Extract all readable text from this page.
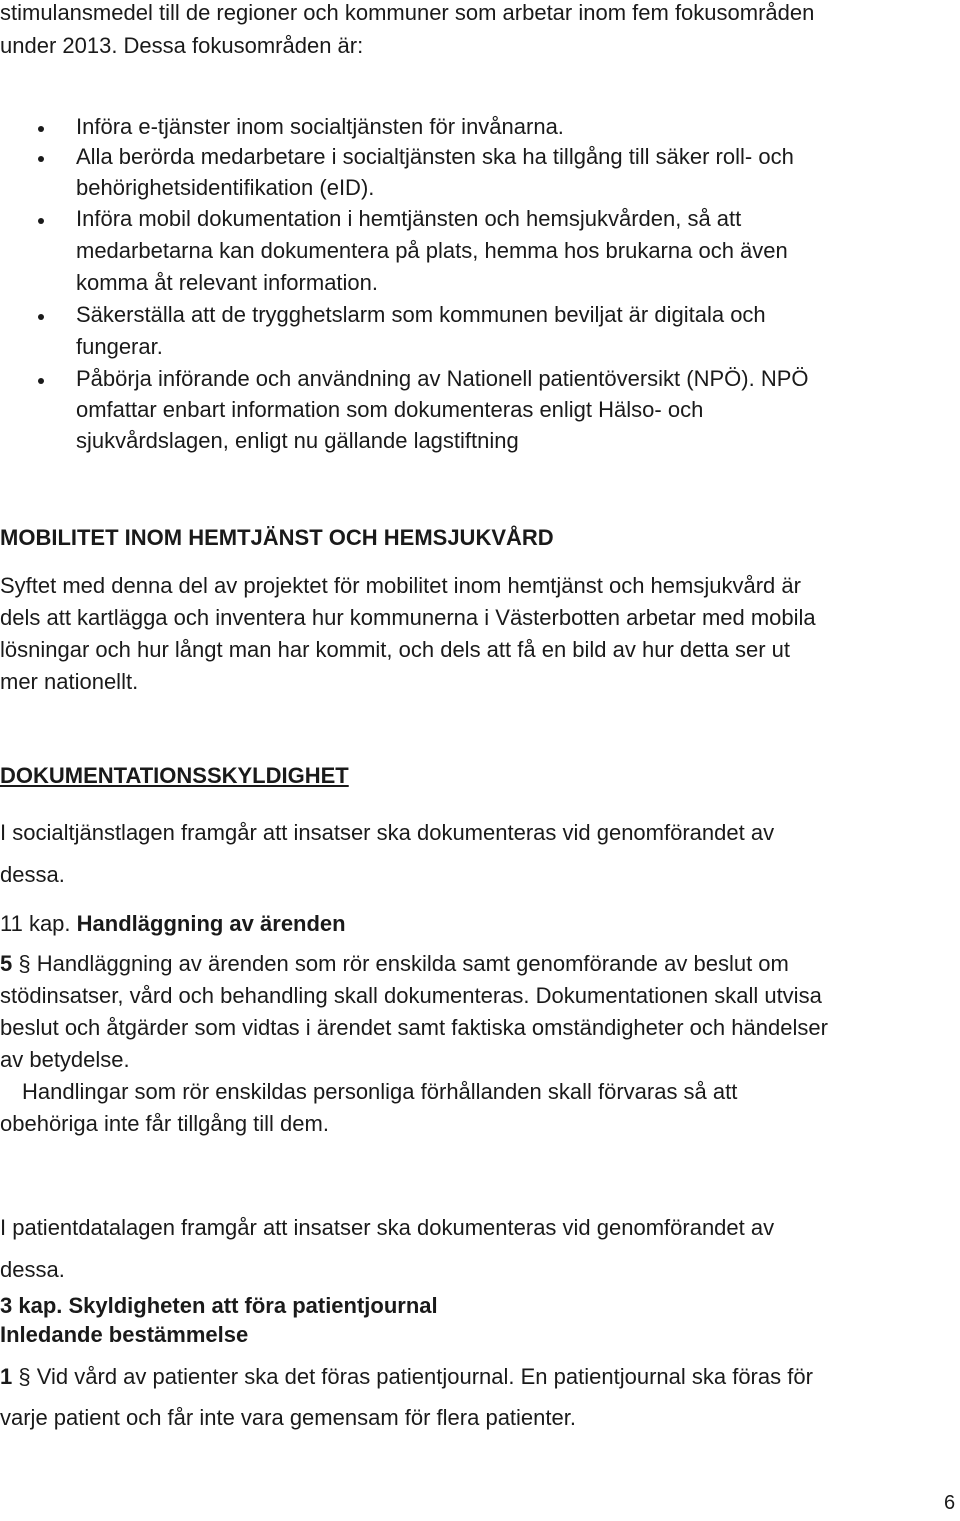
stimulansmedel till de regioner och kommuner som arbetar inom fem fokusområden
under 2013. Dessa fokusområden är:
Införa e-tjänster inom socialtjänsten för invånarna.
Alla berörda medarbetare i socialtjänsten ska ha tillgång till säker roll- och
behörighetsidentifikation (eID).
Införa mobil dokumentation i hemtjänsten och hemsjukvården, så att
medarbetarna kan dokumentera på plats, hemma hos brukarna och även
komma åt relevant information.
Säkerställa att de trygghetslarm som kommunen beviljat är digitala och
fungerar.
Påbörja införande och användning av Nationell patientöversikt (NPÖ). NPÖ
omfattar enbart information som dokumenteras enligt Hälso- och
sjukvårdslagen, enligt nu gällande lagstiftning
MOBILITET INOM HEMTJÄNST OCH HEMSJUKVÅRD
Syftet med denna del av projektet för mobilitet inom hemtjänst och hemsjukvård är
dels att kartlägga och inventera hur kommunerna i Västerbotten arbetar med mobila
lösningar och hur långt man har kommit, och dels att få en bild av hur detta ser ut
mer nationellt.
DOKUMENTATIONSSKYLDIGHET
I socialtjänstlagen framgår att insatser ska dokumenteras vid genomförandet av
dessa.
11 kap. Handläggning av ärenden
5 § Handläggning av ärenden som rör enskilda samt genomförande av beslut om
stödinsatser, vård och behandling skall dokumenteras. Dokumentationen skall utvisa
beslut och åtgärder som vidtas i ärendet samt faktiska omständigheter och händelser
av betydelse.
Handlingar som rör enskildas personliga förhållanden skall förvaras så att
obehöriga inte får tillgång till dem.
I patientdatalagen framgår att insatser ska dokumenteras vid genomförandet av
dessa.
3 kap. Skyldigheten att föra patientjournal
Inledande bestämmelse
1 § Vid vård av patienter ska det föras patientjournal. En patientjournal ska föras för
varje patient och får inte vara gemensam för flera patienter.
6
